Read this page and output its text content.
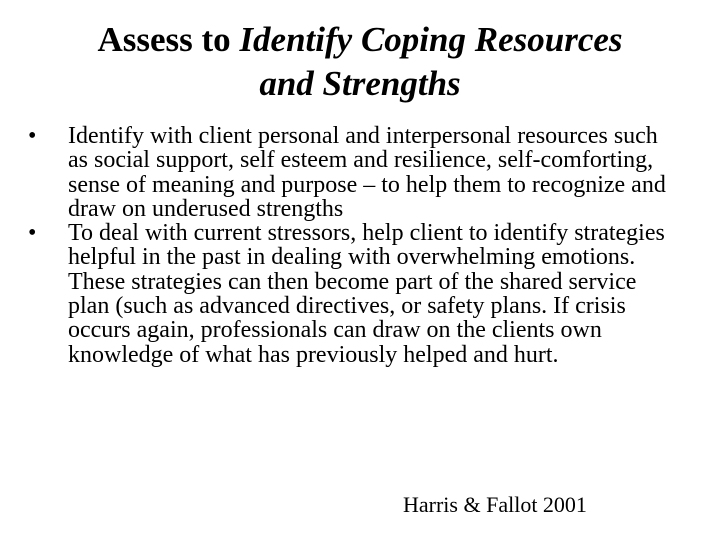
Assess to Identify Coping Resources
and Strengths
•	Identify with client personal and interpersonal resources such as social support, self esteem and resilience, self-comforting, sense of meaning and purpose – to help them to recognize and draw on underused strengths
•	To deal with current stressors, help client to identify strategies helpful in the past in dealing with overwhelming emotions. These strategies can then become part of the shared service plan (such as advanced directives, or safety plans. If crisis occurs again, professionals can draw on the clients own knowledge of what has previously helped and hurt.
Harris & Fallot 2001
